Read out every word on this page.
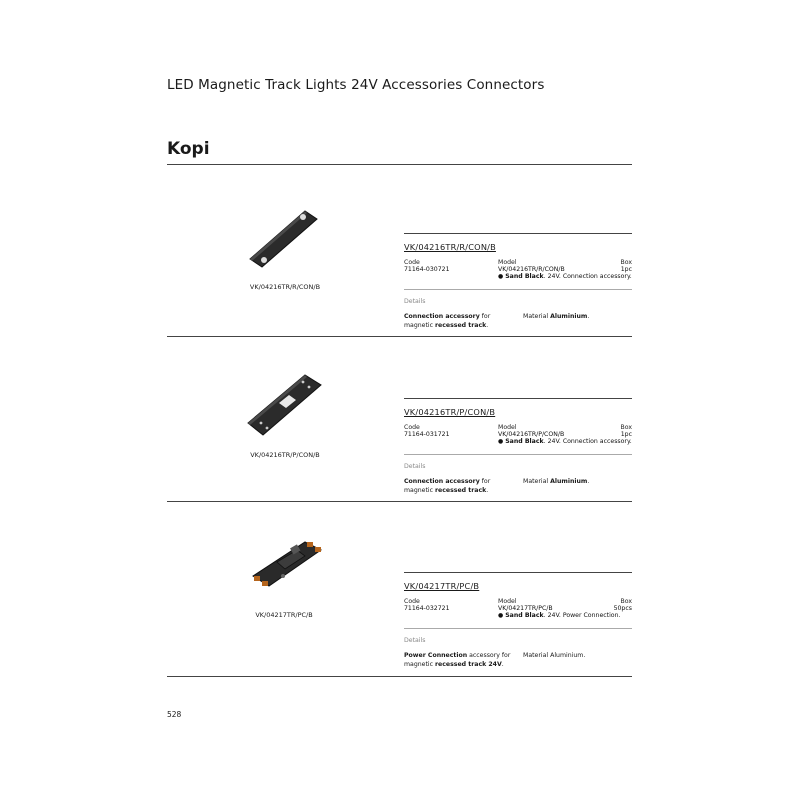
LED Magnetic Track Lights 24V Accessories Connectors
Kopi
VK/04216TR/R/CON/B
VK/04216TR/R/CON/B
Code
71164-030721
Model
VK/04216TR/R/CON/B
● Sand Black. 24V. Connection accessory.
Box
1pc
Details
Connection accessory for magnetic recessed track.
Material Aluminium.
VK/04216TR/P/CON/B
VK/04216TR/P/CON/B
Code
71164-031721
Model
VK/04216TR/P/CON/B
● Sand Black. 24V. Connection accessory.
Box
1pc
Details
Connection accessory for magnetic recessed track.
Material Aluminium.
VK/04217TR/PC/B
VK/04217TR/PC/B
Code
71164-032721
Model
VK/04217TR/PC/B
● Sand Black. 24V. Power Connection.
Box
50pcs
Details
Power Connection accessory for magnetic recessed track 24V.
Material Aluminium.
528
